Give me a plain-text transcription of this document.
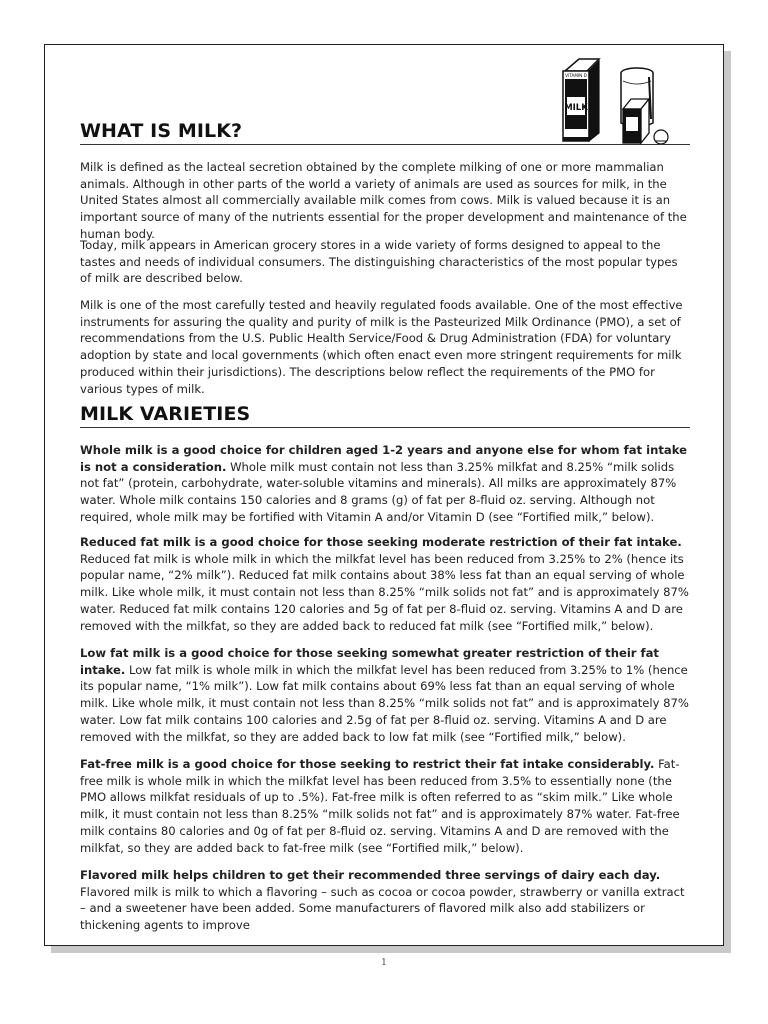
VITAMIN D
MILK
WHAT IS MILK?

Milk is defined as the lacteal secretion obtained by the complete milking of one or more mammalian animals. Although in other parts of the world a variety of animals are used as sources for milk, in the United States almost all commercially available milk comes from cows. Milk is valued because it is an important source of many of the nutrients essential for the proper development and maintenance of the human body.

Today, milk appears in American grocery stores in a wide variety of forms designed to appeal to the tastes and needs of individual consumers. The distinguishing characteristics of the most popular types of milk are described below.

Milk is one of the most carefully tested and heavily regulated foods available. One of the most effective instruments for assuring the quality and purity of milk is the Pasteurized Milk Ordinance (PMO), a set of recommendations from the U.S. Public Health Service/Food & Drug Administration (FDA) for voluntary adoption by state and local governments (which often enact even more stringent requirements for milk produced within their jurisdictions). The descriptions below reflect the requirements of the PMO for various types of milk.

MILK VARIETIES

Whole milk is a good choice for children aged 1-2 years and anyone else for whom fat intake is not a consideration. Whole milk must contain not less than 3.25% milkfat and 8.25% “milk solids not fat” (protein, carbohydrate, water-soluble vitamins and minerals). All milks are approximately 87% water. Whole milk contains 150 calories and 8 grams (g) of fat per 8-fluid oz. serving. Although not required, whole milk may be fortified with Vitamin A and/or Vitamin D (see “Fortified milk,” below).

Reduced fat milk is a good choice for those seeking moderate restriction of their fat intake. Reduced fat milk is whole milk in which the milkfat level has been reduced from 3.25% to 2% (hence its popular name, “2% milk”). Reduced fat milk contains about 38% less fat than an equal serving of whole milk. Like whole milk, it must contain not less than 8.25% “milk solids not fat” and is approximately 87% water. Reduced fat milk contains 120 calories and 5g of fat per 8-fluid oz. serving. Vitamins A and D are removed with the milkfat, so they are added back to reduced fat milk (see “Fortified milk,” below).

Low fat milk is a good choice for those seeking somewhat greater restriction of their fat intake. Low fat milk is whole milk in which the milkfat level has been reduced from 3.25% to 1% (hence its popular name, “1% milk”). Low fat milk contains about 69% less fat than an equal serving of whole milk. Like whole milk, it must contain not less than 8.25% “milk solids not fat” and is approximately 87% water. Low fat milk contains 100 calories and 2.5g of fat per 8-fluid oz. serving. Vitamins A and D are removed with the milkfat, so they are added back to low fat milk (see “Fortified milk,” below).

Fat-free milk is a good choice for those seeking to restrict their fat intake considerably. Fat-free milk is whole milk in which the milkfat level has been reduced from 3.5% to essentially none (the PMO allows milkfat residuals of up to .5%). Fat-free milk is often referred to as “skim milk.” Like whole milk, it must contain not less than 8.25% “milk solids not fat” and is approximately 87% water. Fat-free milk contains 80 calories and 0g of fat per 8-fluid oz. serving. Vitamins A and D are removed with the milkfat, so they are added back to fat-free milk (see “Fortified milk,” below).

Flavored milk helps children to get their recommended three servings of dairy each day. Flavored milk is milk to which a flavoring – such as cocoa or cocoa powder, strawberry or vanilla extract – and a sweetener have been added. Some manufacturers of flavored milk also add stabilizers or thickening agents to improve

1
